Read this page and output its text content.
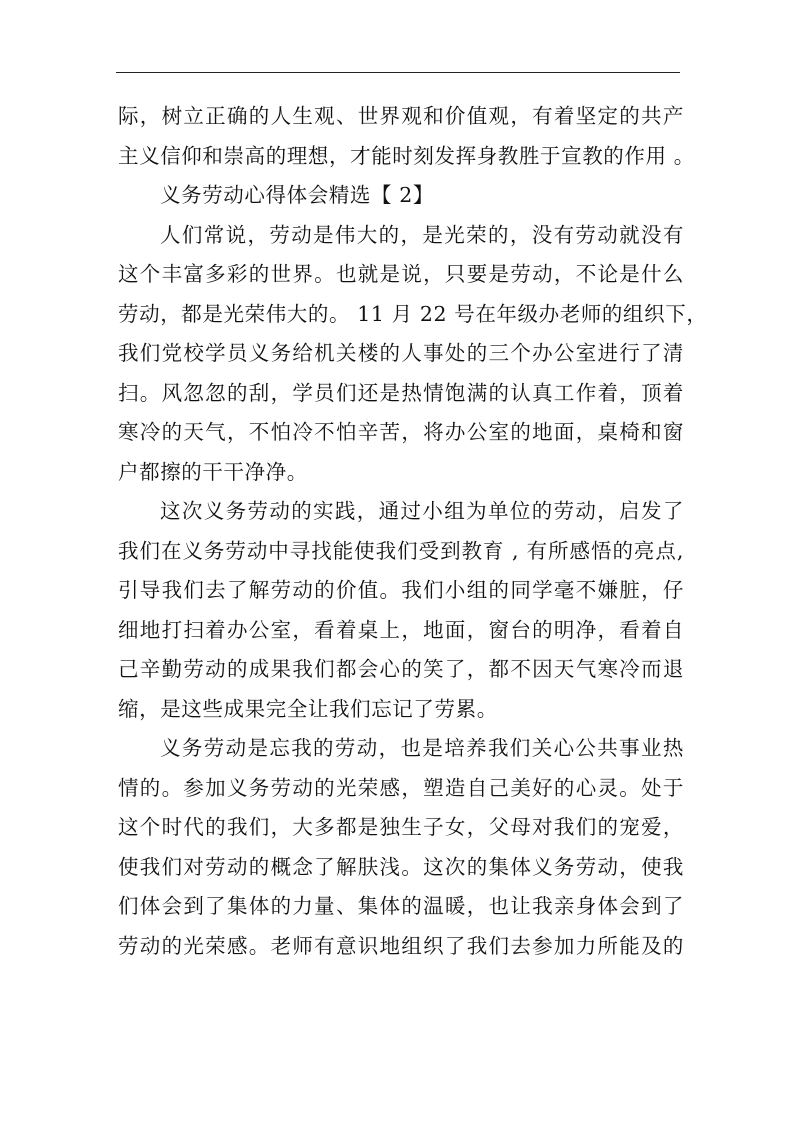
际，树立正确的人生观、世界观和价值观，有着坚定的共产
主义信仰和崇高的理想，才能时刻发挥身教胜于宣教的作用 。
义务劳动心得体会精选【 2】
人们常说，劳动是伟大的，是光荣的，没有劳动就没有
这个丰富多彩的世界。也就是说，只要是劳动，不论是什么
劳动，都是光荣伟大的。 11 月 22 号在年级办老师的组织下，
我们党校学员义务给机关楼的人事处的三个办公室进行了清
扫。风忽忽的刮，学员们还是热情饱满的认真工作着，顶着
寒冷的天气，不怕冷不怕辛苦，将办公室的地面，桌椅和窗
户都擦的干干净净。
这次义务劳动的实践，通过小组为单位的劳动，启发了
我们在义务劳动中寻找能使我们受到教育 , 有所感悟的亮点,
引导我们去了解劳动的价值。我们小组的同学毫不嫌脏，仔
细地打扫着办公室，看着桌上，地面，窗台的明净，看着自
己辛勤劳动的成果我们都会心的笑了，都不因天气寒冷而退
缩，是这些成果完全让我们忘记了劳累。
义务劳动是忘我的劳动，也是培养我们关心公共事业热
情的。参加义务劳动的光荣感，塑造自己美好的心灵。处于
这个时代的我们，大多都是独生子女，父母对我们的宠爱，
使我们对劳动的概念了解肤浅。这次的集体义务劳动，使我
们体会到了集体的力量、集体的温暖，也让我亲身体会到了
劳动的光荣感。老师有意识地组织了我们去参加力所能及的
